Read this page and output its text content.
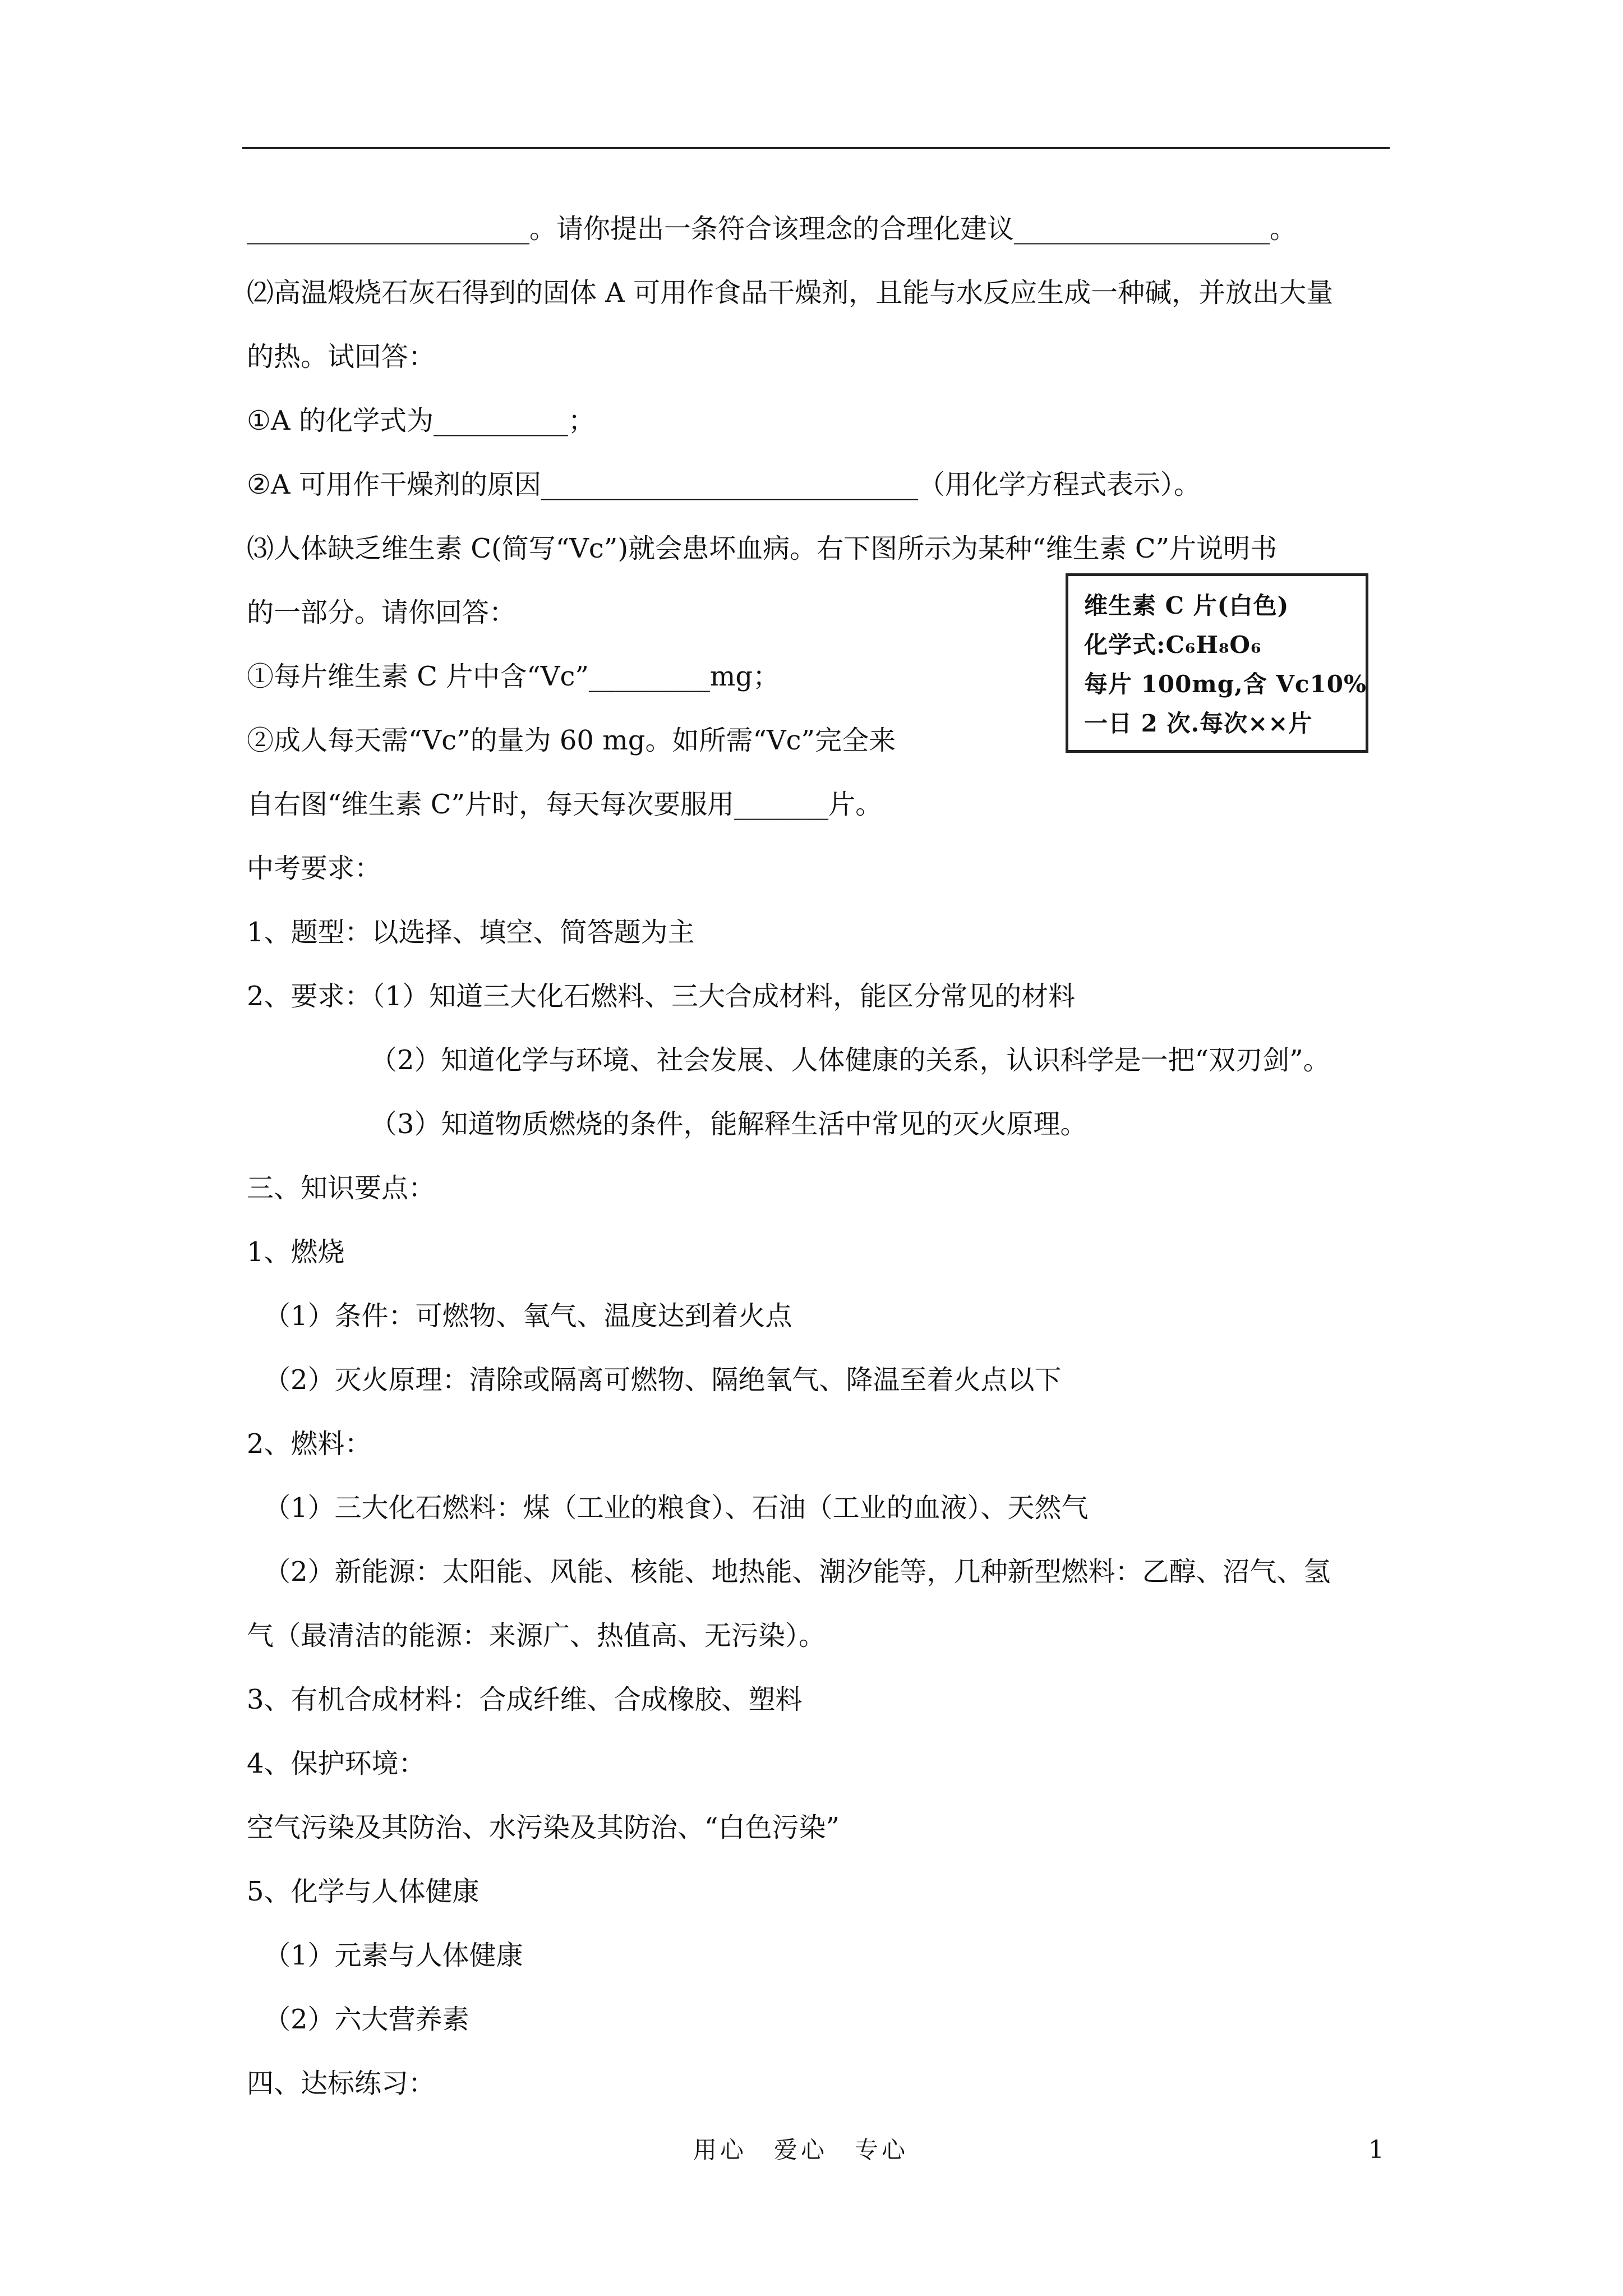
_____________________。请你提出一条符合该理念的合理化建议___________________。
⑵高温煅烧石灰石得到的固体 A 可用作食品干燥剂，且能与水反应生成一种碱，并放出大量
的热。试回答：
①A 的化学式为__________；
②A 可用作干燥剂的原因____________________________（用化学方程式表示）。
⑶人体缺乏维生素 C(简写“Vc”)就会患坏血病。右下图所示为某种“维生素 C”片说明书
的一部分。请你回答：
①每片维生素 C 片中含“Vc”_________mg；
②成人每天需“Vc”的量为 60 mg。如所需“Vc”完全来
自右图“维生素 C”片时，每天每次要服用_______片。
中考要求：
1、题型：以选择、填空、简答题为主
2、要求：（1）知道三大化石燃料、三大合成材料，能区分常见的材料
（2）知道化学与环境、社会发展、人体健康的关系，认识科学是一把“双刃剑”。
（3）知道物质燃烧的条件，能解释生活中常见的灭火原理。
三、知识要点：
1、燃烧
（1）条件：可燃物、氧气、温度达到着火点
（2）灭火原理：清除或隔离可燃物、隔绝氧气、降温至着火点以下
2、燃料：
（1）三大化石燃料：煤（工业的粮食）、石油（工业的血液）、天然气
（2）新能源：太阳能、风能、核能、地热能、潮汐能等，几种新型燃料：乙醇、沼气、氢
气（最清洁的能源：来源广、热值高、无污染）。
3、有机合成材料：合成纤维、合成橡胶、塑料
4、保护环境：
空气污染及其防治、水污染及其防治、“白色污染”
5、化学与人体健康
（1）元素与人体健康
（2）六大营养素
四、达标练习：
维生素 C 片(白色)
化学式:C₆H₈O₆
每片 100mg,含 Vc10%
一日 2 次.每次××片
用心　爱心　专心	1
